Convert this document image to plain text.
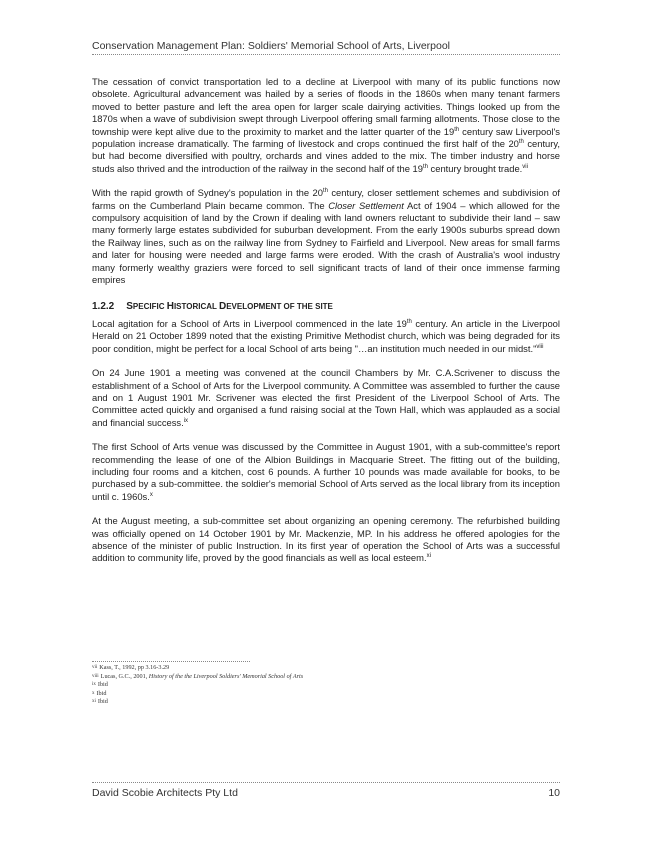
Conservation Management Plan: Soldiers' Memorial School of Arts, Liverpool

The cessation of convict transportation led to a decline at Liverpool with many of its public functions now obsolete. Agricultural advancement was hailed by a series of floods in the 1860s when many tenant farmers moved to better pasture and left the area open for larger scale dairying activities. Things looked up from the 1870s when a wave of subdivision swept through Liverpool offering small farming allotments. Those close to the township were kept alive due to the proximity to market and the latter quarter of the 19th century saw Liverpool's population increase dramatically. The farming of livestock and crops continued the first half of the 20th century, but had become diversified with poultry, orchards and vines added to the mix. The timber industry and horse studs also thrived and the introduction of the railway in the second half of the 19th century brought trade.$^{vii}$

With the rapid growth of Sydney's population in the 20th century, closer settlement schemes and subdivision of farms on the Cumberland Plain became common. The Closer Settlement Act of 1904 – which allowed for the compulsory acquisition of land by the Crown if dealing with land owners reluctant to subdivide their land – saw many formerly large estates subdivided for suburban development. From the early 1900s suburbs spread down the Railway lines, such as on the railway line from Sydney to Fairfield and Liverpool. New areas for small farms and later for housing were needed and large farms were eroded. With the crash of Australia's wool industry many formerly wealthy graziers were forced to sell significant tracts of land of their once immense farming empires

1.2.2 SPECIFIC HISTORICAL DEVELOPMENT OF THE SITE

Local agitation for a School of Arts in Liverpool commenced in the late 19th century. An article in the Liverpool Herald on 21 October 1899 noted that the existing Primitive Methodist church, which was being degraded for its poor condition, might be perfect for a local School of arts being "…an institution much needed in our midst."$^{viii}$

On 24 June 1901 a meeting was convened at the council Chambers by Mr. C.A.Scrivener to discuss the establishment of a School of Arts for the Liverpool community. A Committee was assembled to further the cause and on 1 August 1901 Mr. Scrivener was elected the first President of the Liverpool School of Arts. The Committee acted quickly and organised a fund raising social at the Town Hall, which was applauded as a social and financial success.$^{ix}$

The first School of Arts venue was discussed by the Committee in August 1901, with a sub-committee's report recommending the lease of one of the Albion Buildings in Macquarie Street. The fitting out of the building, including four rooms and a kitchen, cost 6 pounds. A further 10 pounds was made available for books, to be purchased by a sub-committee. the soldier's memorial School of Arts served as the local library from its inception until c. 1960s.$^x$

At the August meeting, a sub-committee set about organizing an opening ceremony. The refurbished building was officially opened on 14 October 1901 by Mr. Mackenzie, MP. In his address he offered apologies for the absence of the minister of public Instruction. In its first year of operation the School of Arts was a successful addition to community life, proved by the good financials as well as local esteem.$^{xi}$

$^{vii}$ Kass, T., 1992, pp 3.16-3.29
$^{viii}$ Lucas, G.C., 2001, History of the the Liverpool Soldiers' Memorial School of Arts
$^{ix}$ Ibid
$^x$ Ibid
$^{xi}$ Ibid
David Scobie Architects Pty Ltd	10
